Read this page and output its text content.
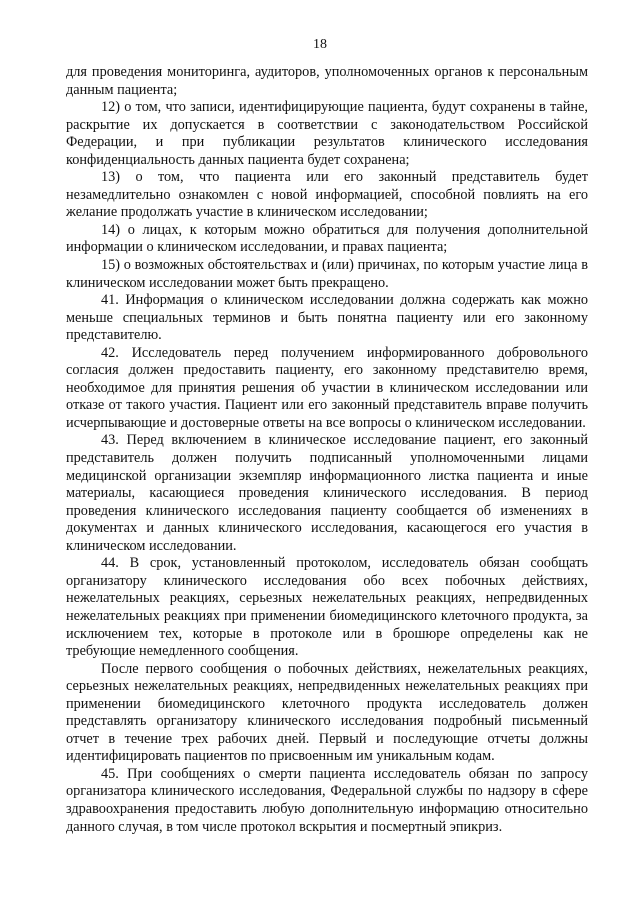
18

для проведения мониторинга, аудиторов, уполномоченных органов к персональным данным пациента;

12) о том, что записи, идентифицирующие пациента, будут сохранены в тайне, раскрытие их допускается в соответствии с законодательством Российской Федерации, и при публикации результатов клинического исследования конфиденциальность данных пациента будет сохранена;

13) о том, что пациента или его законный представитель будет незамедлительно ознакомлен с новой информацией, способной повлиять на его желание продолжать участие в клиническом исследовании;

14) о лицах, к которым можно обратиться для получения дополнительной информации о клиническом исследовании, и правах пациента;

15) о возможных обстоятельствах и (или) причинах, по которым участие лица в клиническом исследовании может быть прекращено.

41. Информация о клиническом исследовании должна содержать как можно меньше специальных терминов и быть понятна пациенту или его законному представителю.

42. Исследователь перед получением информированного добровольного согласия должен предоставить пациенту, его законному представителю время, необходимое для принятия решения об участии в клиническом исследовании или отказе от такого участия. Пациент или его законный представитель вправе получить исчерпывающие и достоверные ответы на все вопросы о клиническом исследовании.

43. Перед включением в клиническое исследование пациент, его законный представитель должен получить подписанный уполномоченными лицами медицинской организации экземпляр информационного листка пациента и иные материалы, касающиеся проведения клинического исследования. В период проведения клинического исследования пациенту сообщается об изменениях в документах и данных клинического исследования, касающегося его участия в клиническом исследовании.

44. В срок, установленный протоколом, исследователь обязан сообщать организатору клинического исследования обо всех побочных действиях, нежелательных реакциях, серьезных нежелательных реакциях, непредвиденных нежелательных реакциях при применении биомедицинского клеточного продукта, за исключением тех, которые в протоколе или в брошюре определены как не требующие немедленного сообщения.

После первого сообщения о побочных действиях, нежелательных реакциях, серьезных нежелательных реакциях, непредвиденных нежелательных реакциях при применении биомедицинского клеточного продукта исследователь должен представлять организатору клинического исследования подробный письменный отчет в течение трех рабочих дней. Первый и последующие отчеты должны идентифицировать пациентов по присвоенным им уникальным кодам.

45. При сообщениях о смерти пациента исследователь обязан по запросу организатора клинического исследования, Федеральной службы по надзору в сфере здравоохранения предоставить любую дополнительную информацию относительно данного случая, в том числе протокол вскрытия и посмертный эпикриз.
